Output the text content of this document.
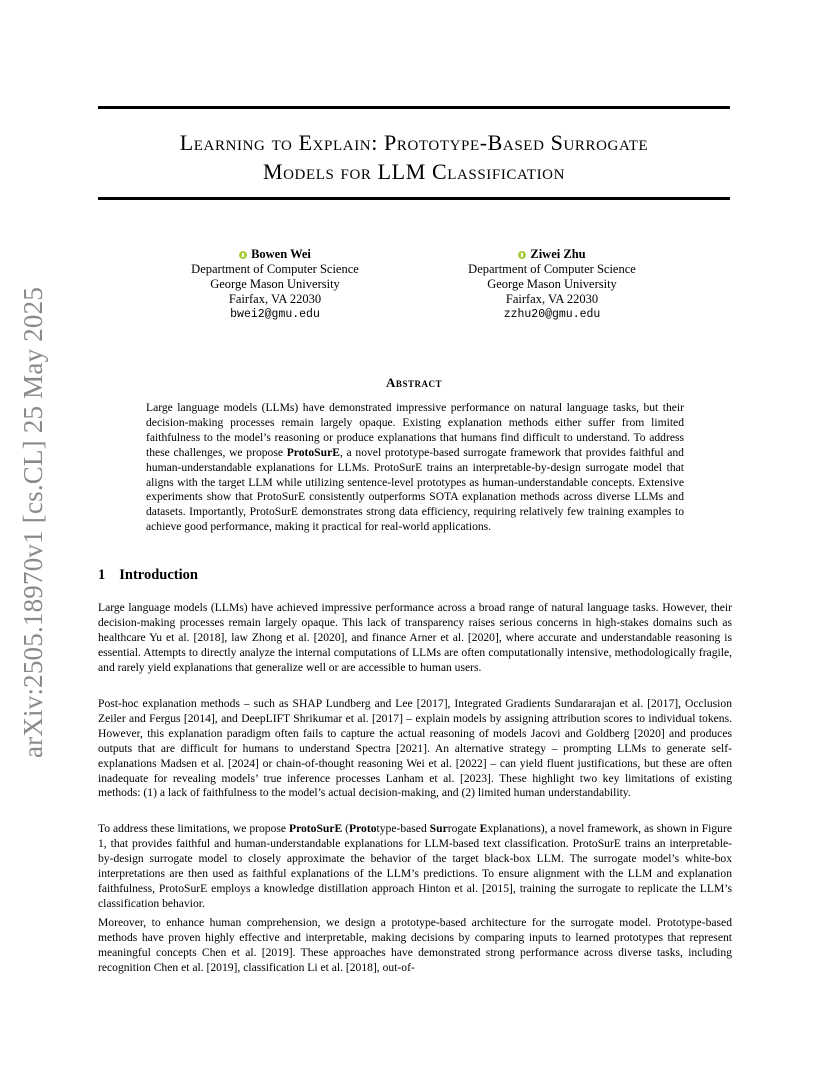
arXiv:2505.18970v1 [cs.CL] 25 May 2025
Learning to Explain: Prototype-Based Surrogate
Models for LLM Classification
Bowen Wei
Department of Computer Science
George Mason University
Fairfax, VA 22030
bwei2@gmu.edu
Ziwei Zhu
Department of Computer Science
George Mason University
Fairfax, VA 22030
zzhu20@gmu.edu
Abstract
Large language models (LLMs) have demonstrated impressive performance on natural language tasks, but their decision-making processes remain largely opaque. Existing explanation methods either suffer from limited faithfulness to the model’s reasoning or produce explanations that humans find difficult to understand. To address these challenges, we propose ProtoSurE, a novel prototype-based surrogate framework that provides faithful and human-understandable explanations for LLMs. ProtoSurE trains an interpretable-by-design surrogate model that aligns with the target LLM while utilizing sentence-level prototypes as human-understandable concepts. Extensive experiments show that ProtoSurE consistently outperforms SOTA explanation methods across diverse LLMs and datasets. Importantly, ProtoSurE demonstrates strong data efficiency, requiring relatively few training examples to achieve good performance, making it practical for real-world applications.
1 Introduction
Large language models (LLMs) have achieved impressive performance across a broad range of natural language tasks. However, their decision-making processes remain largely opaque. This lack of transparency raises serious concerns in high-stakes domains such as healthcare Yu et al. [2018], law Zhong et al. [2020], and finance Arner et al. [2020], where accurate and understandable reasoning is essential. Attempts to directly analyze the internal computations of LLMs are often computationally intensive, methodologically fragile, and rarely yield explanations that generalize well or are accessible to human users.
Post-hoc explanation methods – such as SHAP Lundberg and Lee [2017], Integrated Gradients Sundararajan et al. [2017], Occlusion Zeiler and Fergus [2014], and DeepLIFT Shrikumar et al. [2017] – explain models by assigning attribution scores to individual tokens. However, this explanation paradigm often fails to capture the actual reasoning of models Jacovi and Goldberg [2020] and produces outputs that are difficult for humans to understand Spectra [2021]. An alternative strategy – prompting LLMs to generate self-explanations Madsen et al. [2024] or chain-of-thought reasoning Wei et al. [2022] – can yield fluent justifications, but these are often inadequate for revealing models’ true inference processes Lanham et al. [2023]. These highlight two key limitations of existing methods: (1) a lack of faithfulness to the model’s actual decision-making, and (2) limited human understandability.
To address these limitations, we propose ProtoSurE (Prototype-based Surrogate Explanations), a novel framework, as shown in Figure 1, that provides faithful and human-understandable explanations for LLM-based text classification. ProtoSurE trains an interpretable-by-design surrogate model to closely approximate the behavior of the target black-box LLM. The surrogate model’s white-box interpretations are then used as faithful explanations of the LLM’s predictions. To ensure alignment with the LLM and explanation faithfulness, ProtoSurE employs a knowledge distillation approach Hinton et al. [2015], training the surrogate to replicate the LLM’s classification behavior.
Moreover, to enhance human comprehension, we design a prototype-based architecture for the surrogate model. Prototype-based methods have proven highly effective and interpretable, making decisions by comparing inputs to learned prototypes that represent meaningful concepts Chen et al. [2019]. These approaches have demonstrated strong performance across diverse tasks, including recognition Chen et al. [2019], classification Li et al. [2018], out-of-
